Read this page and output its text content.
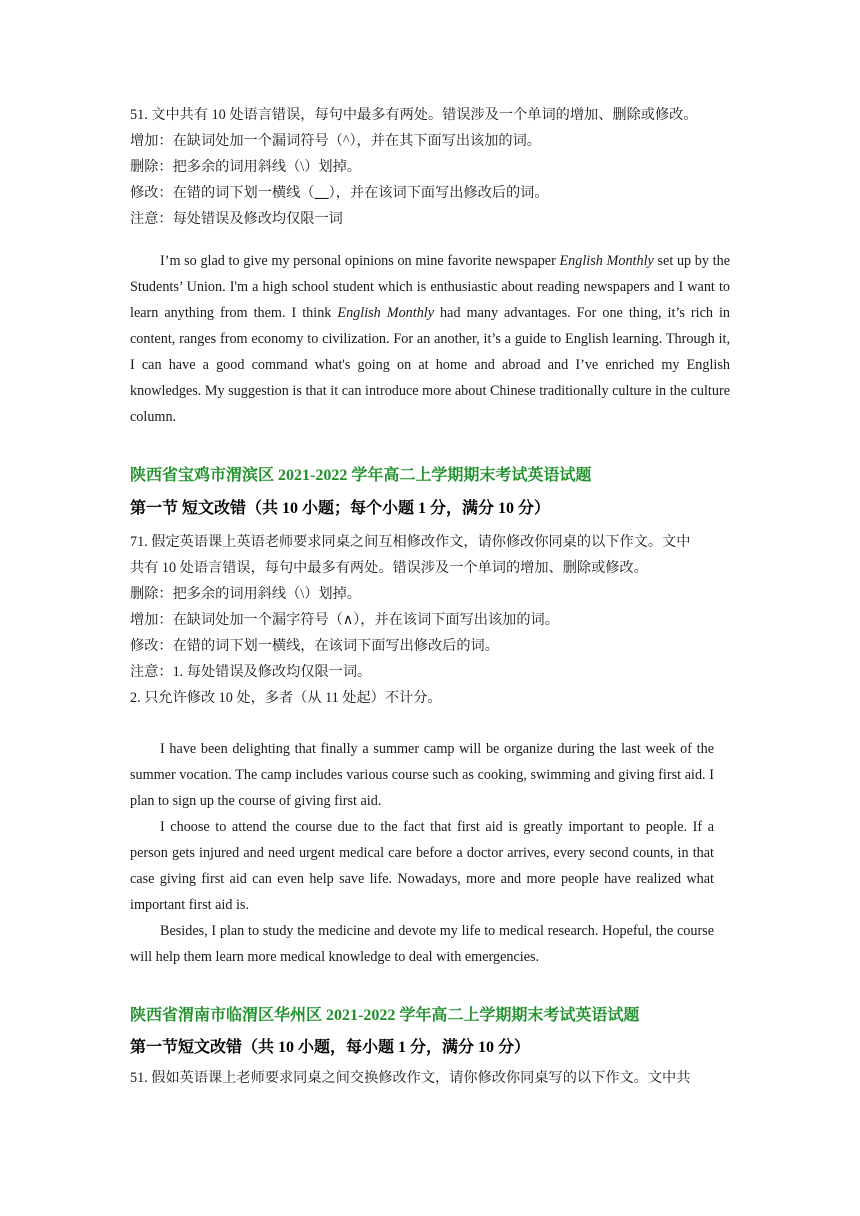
51. 文中共有 10 处语言错误，每句中最多有两处。错误涉及一个单词的增加、删除或修改。
增加：在缺词处加一个漏词符号（^），并在其下面写出该加的词。
删除：把多余的词用斜线（\）划掉。
修改：在错的词下划一横线（__），并在该词下面写出修改后的词。
注意：每处错误及修改均仅限一词
I’m so glad to give my personal opinions on mine favorite newspaper English Monthly set up by the Students’ Union. I'm a high school student which is enthusiastic about reading newspapers and I want to learn anything from them. I think English Monthly had many advantages. For one thing, it’s rich in content, ranges from economy to civilization. For an another, it’s a guide to English learning. Through it, I can have a good command what's going on at home and abroad and I’ve enriched my English knowledges. My suggestion is that it can introduce more about Chinese traditionally culture in the culture column.
陕西省宝鸡市渭滨区 2021-2022 学年高二上学期期末考试英语试题
第一节 短文改错（共 10 小题；每个小题 1 分，满分 10 分）
71. 假定英语课上英语老师要求同桌之间互相修改作文，请你修改你同桌的以下作文。文中
共有 10 处语言错误，每句中最多有两处。错误涉及一个单词的增加、删除或修改。
删除：把多余的词用斜线（\）划掉。
增加：在缺词处加一个漏字符号（∧），并在该词下面写出该加的词。
修改：在错的词下划一横线，在该词下面写出修改后的词。
注意：1. 每处错误及修改均仅限一词。
2. 只允许修改 10 处，多者（从 11 处起）不计分。
I have been delighting that finally a summer camp will be organize during the last week of the summer vocation. The camp includes various course such as cooking, swimming and giving first aid. I plan to sign up the course of giving first aid.
I choose to attend the course due to the fact that first aid is greatly important to people. If a person gets injured and need urgent medical care before a doctor arrives, every second counts, in that case giving first aid can even help save life. Nowadays, more and more people have realized what important first aid is.
Besides, I plan to study the medicine and devote my life to medical research. Hopeful, the course will help them learn more medical knowledge to deal with emergencies.
陕西省渭南市临渭区华州区 2021-2022 学年高二上学期期末考试英语试题
第一节短文改错（共 10 小题，每小题 1 分，满分 10 分）
51. 假如英语课上老师要求同桌之间交换修改作文，请你修改你同桌写的以下作文。文中共
